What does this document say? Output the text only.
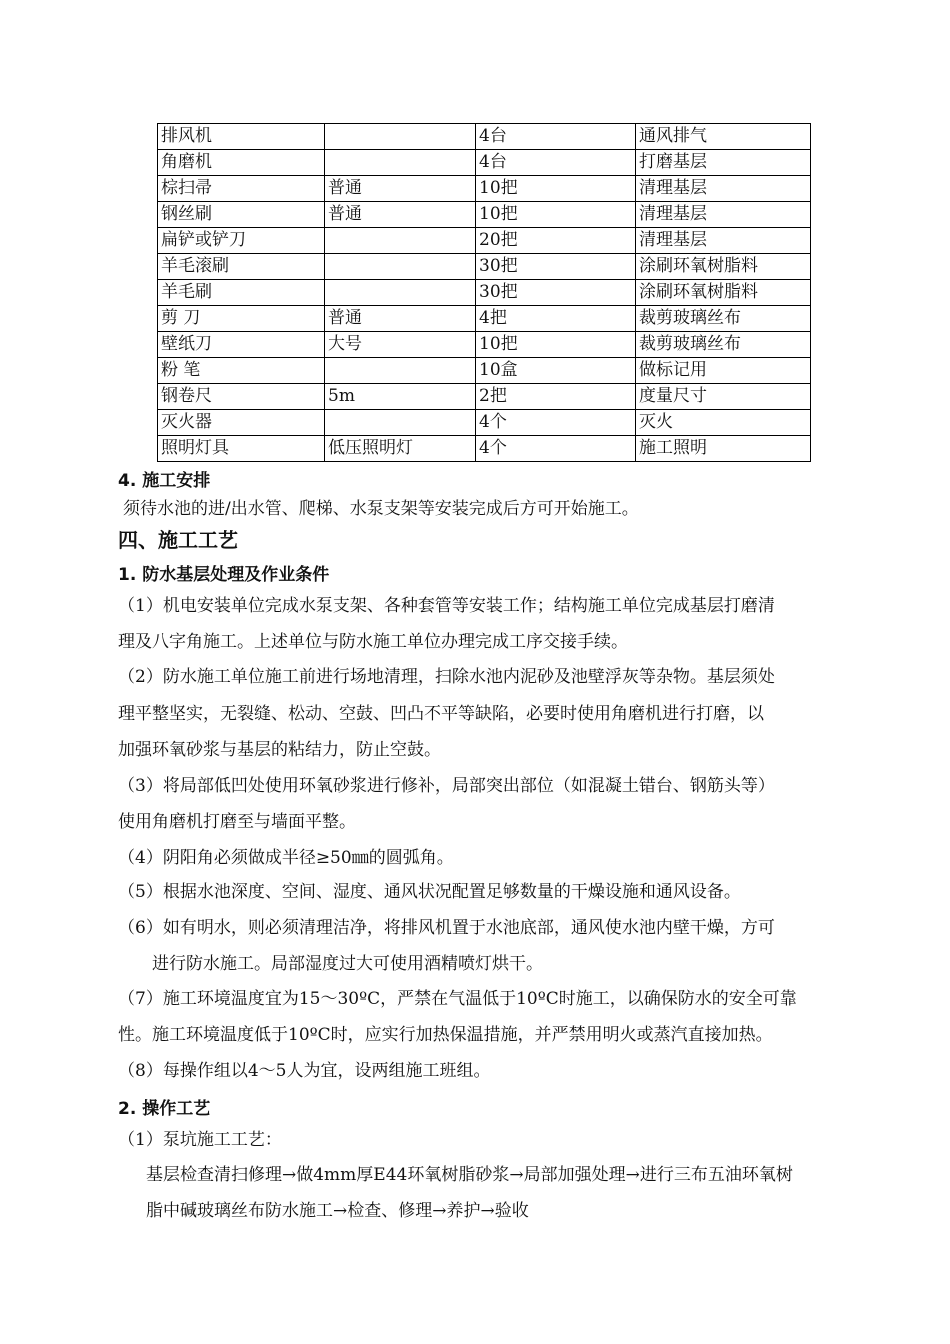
排风机		4台	通风排气
角磨机		4台	打磨基层
棕扫帚	普通	10把	清理基层
钢丝刷	普通	10把	清理基层
扁铲或铲刀		20把	清理基层
羊毛滚刷		30把	涂刷环氧树脂料
羊毛刷		30把	涂刷环氧树脂料
剪 刀	普通	4把	裁剪玻璃丝布
壁纸刀	大号	10把	裁剪玻璃丝布
粉 笔		10盒	做标记用
钢卷尺	5m	2把	度量尺寸
灭火器		4个	灭火
照明灯具	低压照明灯	4个	施工照明
4. 施工安排
须待水池的进/出水管、爬梯、水泵支架等安装完成后方可开始施工。
四、施工工艺
1. 防水基层处理及作业条件
（1）机电安装单位完成水泵支架、各种套管等安装工作；结构施工单位完成基层打磨清
理及八字角施工。上述单位与防水施工单位办理完成工序交接手续。
（2）防水施工单位施工前进行场地清理，扫除水池内泥砂及池壁浮灰等杂物。基层须处
理平整坚实，无裂缝、松动、空鼓、凹凸不平等缺陷，必要时使用角磨机进行打磨，以
加强环氧砂浆与基层的粘结力，防止空鼓。
（3）将局部低凹处使用环氧砂浆进行修补，局部突出部位（如混凝土错台、钢筋头等）
使用角磨机打磨至与墙面平整。
（4）阴阳角必须做成半径≥50㎜的圆弧角。
（5）根据水池深度、空间、湿度、通风状况配置足够数量的干燥设施和通风设备。
（6）如有明水，则必须清理洁净，将排风机置于水池底部，通风使水池内壁干燥，方可
进行防水施工。局部湿度过大可使用酒精喷灯烘干。
（7）施工环境温度宜为15～30ºC，严禁在气温低于10ºC时施工，以确保防水的安全可靠
性。施工环境温度低于10ºC时，应实行加热保温措施，并严禁用明火或蒸汽直接加热。
（8）每操作组以4～5人为宜，设两组施工班组。
2. 操作工艺
（1）泵坑施工工艺：
基层检查清扫修理→做4mm厚E44环氧树脂砂浆→局部加强处理→进行三布五油环氧树
脂中碱玻璃丝布防水施工→检查、修理→养护→验收
